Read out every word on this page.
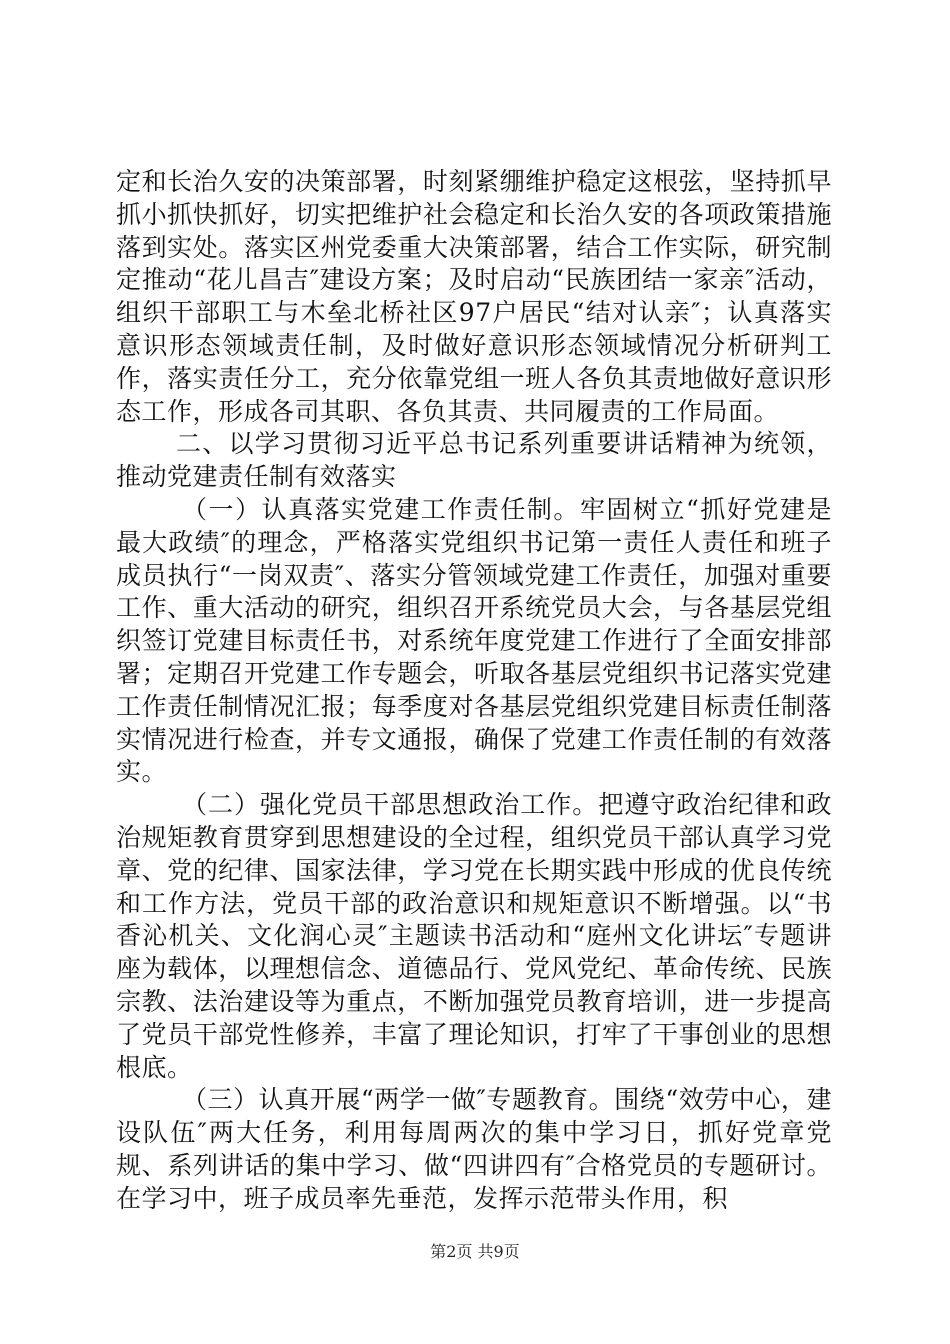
定和长治久安的决策部署，时刻紧绷维护稳定这根弦，坚持抓早抓小抓快抓好，切实把维护社会稳定和长治久安的各项政策措施落到实处。落实区州党委重大决策部署，结合工作实际，研究制定推动“花儿昌吉″建设方案；及时启动“民族团结一家亲″活动，组织干部职工与木垒北桥社区97户居民“结对认亲″；认真落实意识形态领域责任制，及时做好意识形态领域情况分析研判工作，落实责任分工，充分依靠党组一班人各负其责地做好意识形态工作，形成各司其职、各负其责、共同履责的工作局面。

二、以学习贯彻习近平总书记系列重要讲话精神为统领，推动党建责任制有效落实

（一）认真落实党建工作责任制。牢固树立“抓好党建是最大政绩″的理念，严格落实党组织书记第一责任人责任和班子成员执行“一岗双责″、落实分管领域党建工作责任，加强对重要工作、重大活动的研究，组织召开系统党员大会，与各基层党组织签订党建目标责任书，对系统年度党建工作进行了全面安排部署；定期召开党建工作专题会，听取各基层党组织书记落实党建工作责任制情况汇报；每季度对各基层党组织党建目标责任制落实情况进行检查，并专文通报，确保了党建工作责任制的有效落实。

（二）强化党员干部思想政治工作。把遵守政治纪律和政治规矩教育贯穿到思想建设的全过程，组织党员干部认真学习党章、党的纪律、国家法律，学习党在长期实践中形成的优良传统和工作方法，党员干部的政治意识和规矩意识不断增强。以“书香沁机关、文化润心灵″主题读书活动和“庭州文化讲坛″专题讲座为载体，以理想信念、道德品行、党风党纪、革命传统、民族宗教、法治建设等为重点，不断加强党员教育培训，进一步提高了党员干部党性修养，丰富了理论知识，打牢了干事创业的思想根底。

（三）认真开展“两学一做″专题教育。围绕“效劳中心，建设队伍″两大任务，利用每周两次的集中学习日，抓好党章党规、系列讲话的集中学习、做“四讲四有″合格党员的专题研讨。在学习中，班子成员率先垂范，发挥示范带头作用，积

第2页 共9页
